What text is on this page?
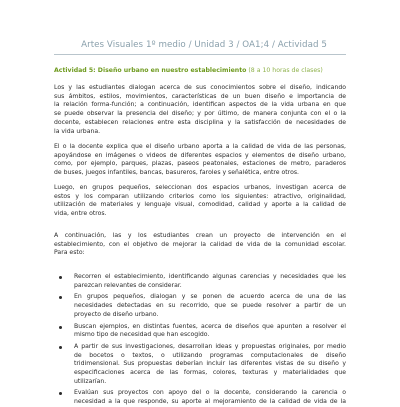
Artes Visuales 1º medio / Unidad 3 / OA1;4 / Actividad 5
Actividad 5: Diseño urbano en nuestro establecimiento (8 a 10 horas de clases)
Los y las estudiantes dialogan acerca de sus conocimientos sobre el diseño, indicando
sus ámbitos, estilos, movimientos, características de un buen diseño e importancia de
la relación forma-función; a continuación, identifican aspectos de la vida urbana en que
se puede observar la presencia del diseño; y por último, de manera conjunta con el o la
docente, establecen relaciones entre esta disciplina y la satisfacción de necesidades de
la vida urbana.
El o la docente explica que el diseño urbano aporta a la calidad de vida de las personas,
apoyándose en imágenes o videos de diferentes espacios y elementos de diseño urbano,
como, por ejemplo, parques, plazas, paseos peatonales, estaciones de metro, paraderos
de buses, juegos infantiles, bancas, basureros, faroles y señalética, entre otros.
Luego, en grupos pequeños, seleccionan dos espacios urbanos, investigan acerca de
estos y los comparan utilizando criterios como los siguientes: atractivo, originalidad,
utilización de materiales y lenguaje visual, comodidad, calidad y aporte a la calidad de
vida, entre otros.
A continuación, las y los estudiantes crean un proyecto de intervención en el
establecimiento, con el objetivo de mejorar la calidad de vida de la comunidad escolar.
Para esto:
Recorren el establecimiento, identificando algunas carencias y necesidades que les
parezcan relevantes de considerar.
En grupos pequeños, dialogan y se ponen de acuerdo acerca de una de las
necesidades detectadas en su recorrido, que se puede resolver a partir de un
proyecto de diseño urbano.
Buscan ejemplos, en distintas fuentes, acerca de diseños que apunten a resolver el
mismo tipo de necesidad que han escogido.
A partir de sus investigaciones, desarrollan ideas y propuestas originales, por medio
de bocetos o textos, o utilizando programas computacionales de diseño
tridimensional. Sus propuestas deberían incluir las diferentes vistas de su diseño y
especificaciones acerca de las formas, colores, texturas y materialidades que
utilizarían.
Evalúan sus proyectos con apoyo del o la docente, considerando la carencia o
necesidad a la que responde, su aporte al mejoramiento de la calidad de vida de la
